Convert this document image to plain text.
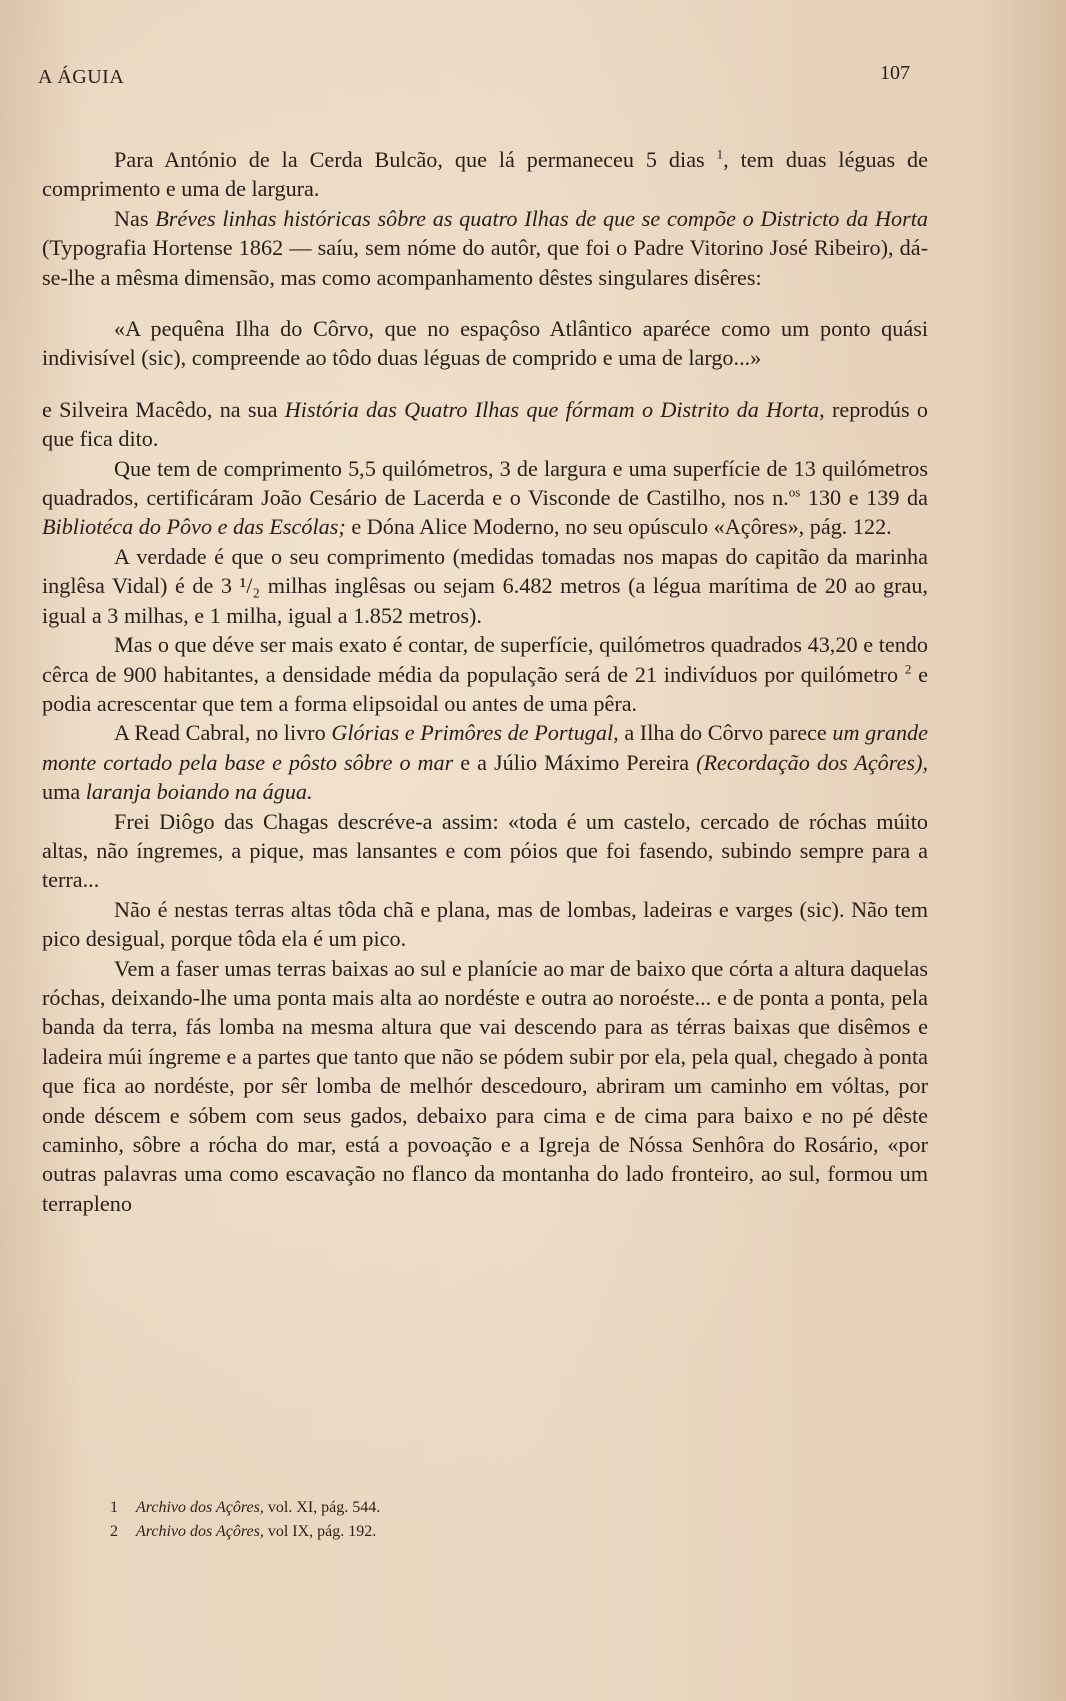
A ÁGUIA	107

Para António de la Cerda Bulcão, que lá permaneceu 5 dias $^1$, tem duas léguas de comprimento e uma de largura.

Nas Bréves linhas históricas sôbre as quatro Ilhas de que se compõe o Districto da Horta (Typografia Hortense 1862 — saíu, sem nóme do autôr, que foi o Padre Vitorino José Ribeiro), dá-se-lhe a mêsma dimensão, mas como acompanhamento dêstes singulares disêres:

«A pequêna Ilha do Côrvo, que no espaçôso Atlântico aparéce como um ponto quási indivisível (sic), compreende ao tôdo duas léguas de comprido e uma de largo...»

e Silveira Macêdo, na sua História das Quatro Ilhas que fórmam o Distrito da Horta, reprodús o que fica dito.

Que tem de comprimento 5,5 quilómetros, 3 de largura e uma superfície de 13 quilómetros quadrados, certificáram João Cesário de Lacerda e o Visconde de Castilho, nos n.$^{os}$ 130 e 139 da Bibliotéca do Pôvo e das Escólas; e Dóna Alice Moderno, no seu opúsculo «Açôres», pág. 122.

A verdade é que o seu comprimento (medidas tomadas nos mapas do capitão da marinha inglêsa Vidal) é de 3 ¹/₂ milhas inglêsas ou sejam 6.482 metros (a légua marítima de 20 ao grau, igual a 3 milhas, e 1 milha, igual a 1.852 metros).

Mas o que déve ser mais exato é contar, de superfície, quilómetros quadrados 43,20 e tendo cêrca de 900 habitantes, a densidade média da população será de 21 indivíduos por quilómetro $^2$ e podia acrescentar que tem a forma elipsoidal ou antes de uma pêra.

A Read Cabral, no livro Glórias e Primôres de Portugal, a Ilha do Côrvo parece um grande monte cortado pela base e pôsto sôbre o mar e a Júlio Máximo Pereira (Recordação dos Açôres), uma laranja boiando na água.

Frei Diôgo das Chagas descréve-a assim: «toda é um castelo, cercado de róchas múito altas, não íngremes, a pique, mas lansantes e com póios que foi fasendo, subindo sempre para a terra...

Não é nestas terras altas tôda chã e plana, mas de lombas, ladeiras e varges (sic). Não tem pico desigual, porque tôda ela é um pico.

Vem a faser umas terras baixas ao sul e planície ao mar de baixo que córta a altura daquelas róchas, deixando-lhe uma ponta mais alta ao nordéste e outra ao noroéste... e de ponta a ponta, pela banda da terra, fás lomba na mesma altura que vai descendo para as térras baixas que disêmos e ladeira múi íngreme e a partes que tanto que não se pódem subir por ela, pela qual, chegado à ponta que fica ao nordéste, por sêr lomba de melhór descedouro, abriram um caminho em vóltas, por onde déscem e sóbem com seus gados, debaixo para cima e de cima para baixo e no pé dêste caminho, sôbre a rócha do mar, está a povoação e a Igreja de Nóssa Senhôra do Rosário, «por outras palavras uma como escavação no flanco da montanha do lado fronteiro, ao sul, formou um terrapleno

1 Archivo dos Açôres, vol. XI, pág. 544.
2 Archivo dos Açôres, vol IX, pág. 192.
